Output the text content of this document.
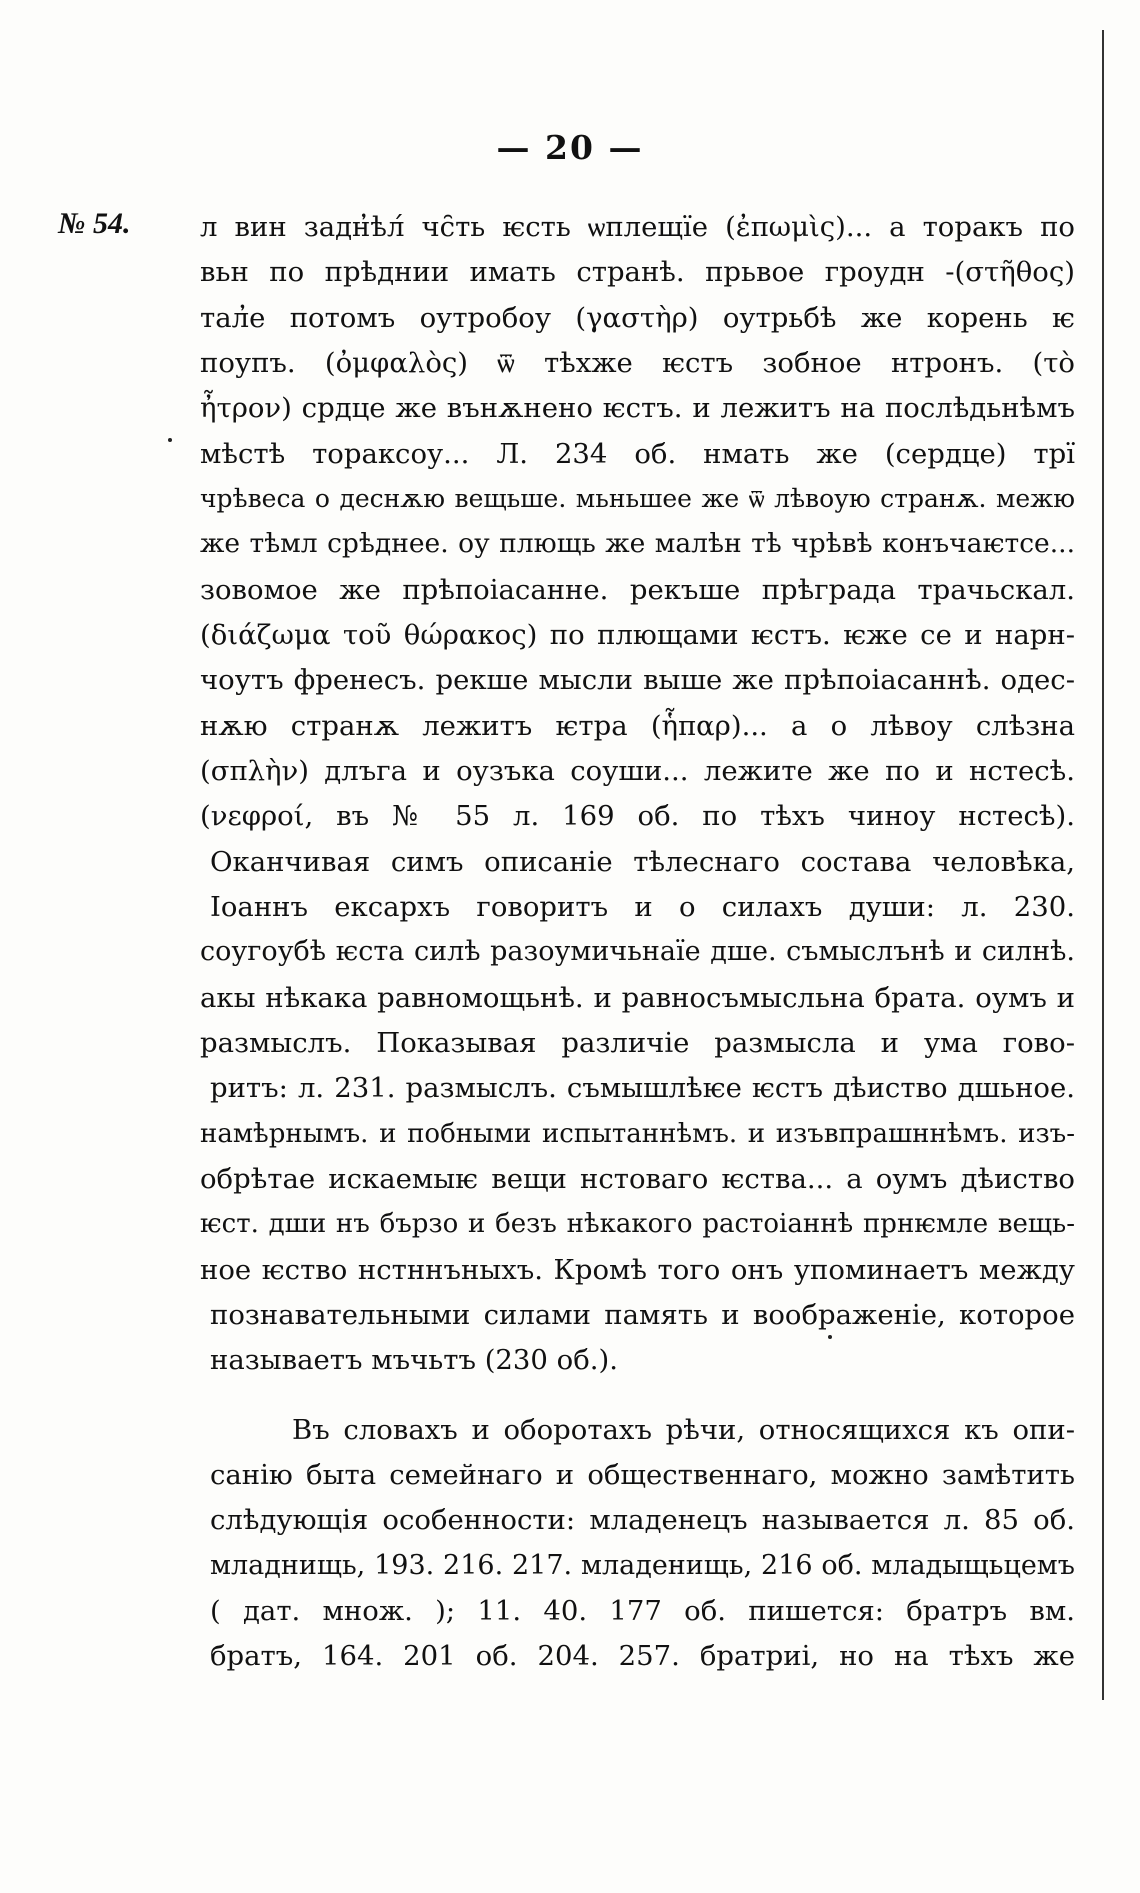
— 20 —
№ 54.	л вин задн̓ѣл́ чс̑ть ѥсть ѡплещїе (ἐπωμὶς)... а торакъ по
вьн по прѣднии имать странѣ. прьвое гроудн -(στῆθος)
тал̓е потомъ оутробоу (γαστὴρ) оутрьбѣ же корень ѥ
поупъ. (ὀμφαλὸς) ѿ тѣхже ѥстъ зобное нтронъ. (τὸ
ἦτρον) срдце же вънѫнено ѥстъ. и лежитъ на послѣдьнѣмъ
мѣстѣ тораксоу... Л. 234 об. нмать же (сердце) трї
чрѣвеса о деснѫю вещьше. мьньшее же ѿ лѣвоую странѫ. межю
же тѣмл срѣднее. оу плющь же малѣн тѣ чрѣвѣ конъчаѥтсе...
зовомое же прѣпоiасанне. рекъше прѣграда трачьскал.
(διάζωμα τοῦ θώρακος) по плющами ѥстъ. ѥже се и нарн-
чоутъ френесъ. рекше мысли выше же прѣпоiасаннѣ. одес-
нѫю странѫ лежитъ ѥтра (ἧπαρ)... а о лѣвоу слѣзна
(σπλὴν) длъга и оузъка соуши... лежите же по и нстесѣ.
(νεφροί, въ № 55 л. 169 об. по тѣхъ чиноу нстесѣ).
Оканчивая симъ описаніе тѣлеснаго состава человѣка,
Іоаннъ ексархъ говоритъ и о силахъ души: л. 230.
соугоубѣ ѥста силѣ разоумичьнаїе дше. съмыслънѣ и силнѣ.
акы нѣкака равномощьнѣ. и равносъмысльна брата. оумъ и
размыслъ. Показывая различіе размысла и ума гово-
ритъ: л. 231. размыслъ. съмышлѣѥе ѥстъ дѣиство дшьное.
намѣрнымъ. и побными испытаннѣмъ. и изъвпрашннѣмъ. изъ-
обрѣтае искаемыѥ вещи нстоваго ѥства... а оумъ дѣиство
ѥст. дши нъ бързо и безъ нѣкакого растоiаннѣ прнѥмле вещь-
ное ѥство нстннъныхъ. Кромѣ того онъ упоминаетъ между
познавательными силами память и воображеніе, которое
называетъ мъчьтъ (230 об.).
Въ словахъ и оборотахъ рѣчи, относящихся къ опи-
санію быта семейнаго и общественнаго, можно замѣтить
слѣдующія особенности: младенецъ называется л. 85 об.
младнищь, 193. 216. 217. младенищь, 216 об. младыщьцемъ
( дат. множ. ); 11. 40. 177 об. пишется: братръ вм.
братъ, 164. 201 об. 204. 257. братриi, но на тѣхъ же
